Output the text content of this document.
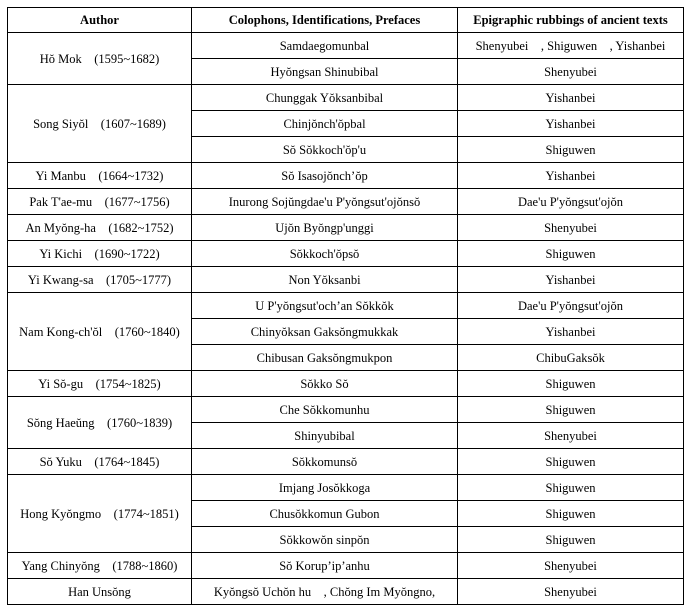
Author	Colophons, Identifications, Prefaces	Epigraphic rubbings of ancient texts
Hŏ Mok　(1595~1682)	Samdaegomunbal	Shenyubei　, Shiguwen　, Yishanbei
	Hyŏngsan Shinubibal	Shenyubei
Song Siyŏl　(1607~1689)	Chunggak Yŏksanbibal	Yishanbei
	Chinjŏnch'ŏpbal	Yishanbei
	Sŏ Sŏkkoch'ŏp'u	Shiguwen
Yi Manbu　(1664~1732)	Sŏ Isasojŏnch’ŏp	Yishanbei
Pak T'ae-mu　(1677~1756)	Inurong Sojŭngdae'u P'yŏngsut'ojŏnsŏ	Dae'u P'yŏngsut'ojŏn
An Myŏng-ha　(1682~1752)	Ujŏn Byŏngp'unggi	Shenyubei
Yi Kichi　(1690~1722)	Sŏkkoch'ŏpsŏ	Shiguwen
Yi Kwang-sa　(1705~1777)	Non Yŏksanbi	Yishanbei
Nam Kong-ch'ŏl　(1760~1840)	U P'yŏngsut'och’an Sŏkkŏk	Dae'u P'yŏngsut'ojŏn
	Chinyŏksan Gaksŏngmukkak	Yishanbei
	Chibusan Gaksŏngmukpon	ChibuGaksŏk
Yi Sŏ-gu　(1754~1825)	Sŏkko Sŏ	Shiguwen
Sŏng Haeŭng　(1760~1839)	Che Sŏkkomunhu	Shiguwen
	Shinyubibal	Shenyubei
Sŏ Yuku　(1764~1845)	Sŏkkomunsŏ	Shiguwen
Hong Kyŏngmo　(1774~1851)	Imjang Josŏkkoga	Shiguwen
	Chusŏkkomun Gubon	Shiguwen
	Sŏkkowŏn sinpŏn	Shiguwen
Yang Chinyŏng　(1788~1860)	Sŏ Korup’ip’anhu	Shenyubei
Han Unsŏng	Kyŏngsŏ Uchŏn hu　, Chŏng Im Myŏngno,	Shenyubei
